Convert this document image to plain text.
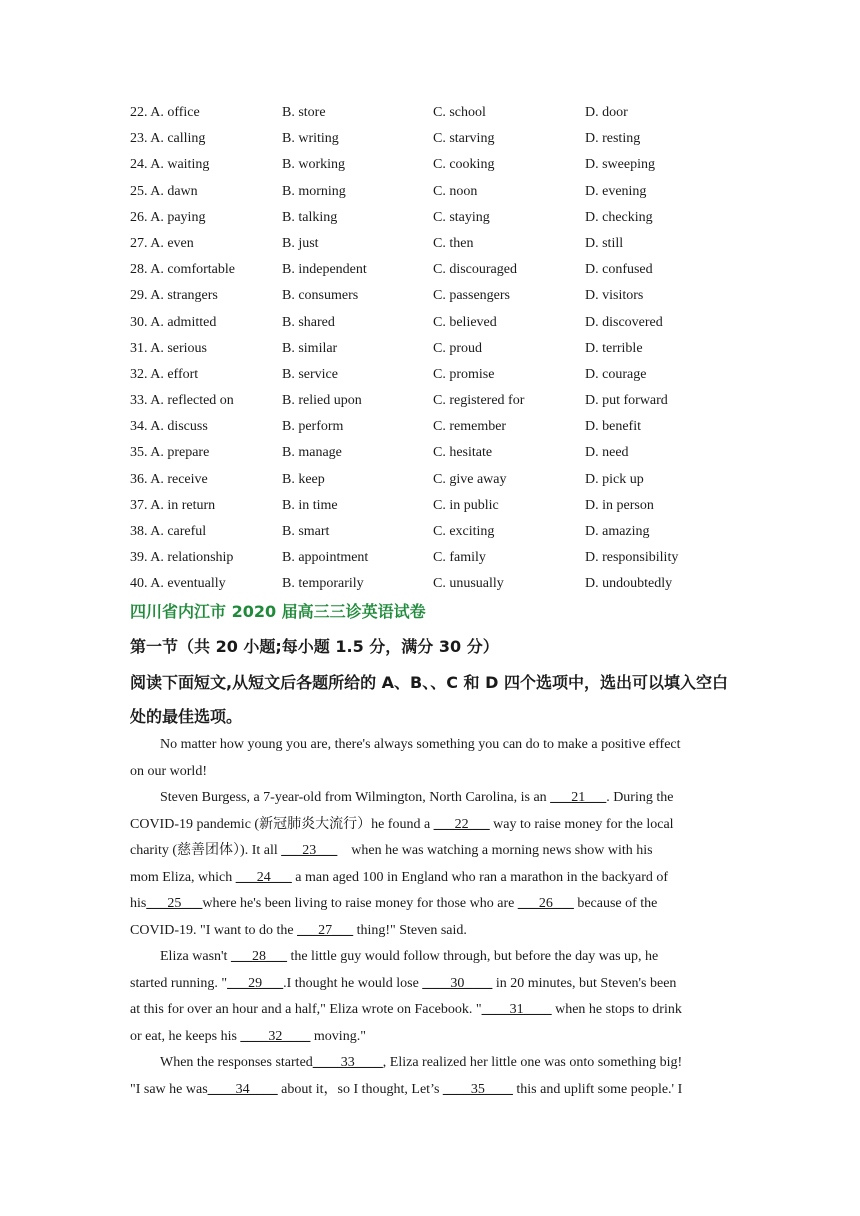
22. A. office	B. store	C. school	D. door
23. A. calling	B. writing	C. starving	D. resting
24. A. waiting	B. working	C. cooking	D. sweeping
25. A. dawn	B. morning	C. noon	D. evening
26. A. paying	B. talking	C. staying	D. checking
27. A. even	B. just	C. then	D. still
28. A. comfortable	B. independent	C. discouraged	D. confused
29. A. strangers	B. consumers	C. passengers	D. visitors
30. A. admitted	B. shared	C. believed	D. discovered
31. A. serious	B. similar	C. proud	D. terrible
32. A. effort	B. service	C. promise	D. courage
33. A. reflected on	B. relied upon	C. registered for	D. put forward
34. A. discuss	B. perform	C. remember	D. benefit
35. A. prepare	B. manage	C. hesitate	D. need
36. A. receive	B. keep	C. give away	D. pick up
37. A. in return	B. in time	C. in public	D. in person
38. A. careful	B. smart	C. exciting	D. amazing
39. A. relationship	B. appointment	C. family	D. responsibility
40. A. eventually	B. temporarily	C. unusually	D. undoubtedly
四川省内江市 2020 届高三三诊英语试卷
第一节（共 20 小题;每小题 1.5 分，满分 30 分）
阅读下面短文,从短文后各题所给的 A、B、、C 和 D 四个选项中，选出可以填入空白处的最佳选项。
No matter how young you are, there's always something you can do to make a positive effect
on our world!
Steven Burgess, a 7-year-old from Wilmington, North Carolina, is an ___21___. During the
COVID-19 pandemic (新冠肺炎大流行）he found a ___22___ way to raise money for the local
charity (慈善团体）). It all ___23___    when he was watching a morning news show with his
mom Eliza, which ___24___ a man aged 100 in England who ran a marathon in the backyard of
his___25___where he's been living to raise money for those who are ___26___ because of the
COVID-19. "I want to do the ___27___ thing!" Steven said.
Eliza wasn't ___28___ the little guy would follow through, but before the day was up, he
started running. "___29___.I thought he would lose ____30____ in 20 minutes, but Steven's been
at this for over an hour and a half," Eliza wrote on Facebook. "____31____ when he stops to drink
or eat, he keeps his ____32____ moving."
When the responses started____33____, Eliza realized her little one was onto something big!
"I saw he was____34____ about it，so I thought, Let’s ____35____ this and uplift some people.' I
